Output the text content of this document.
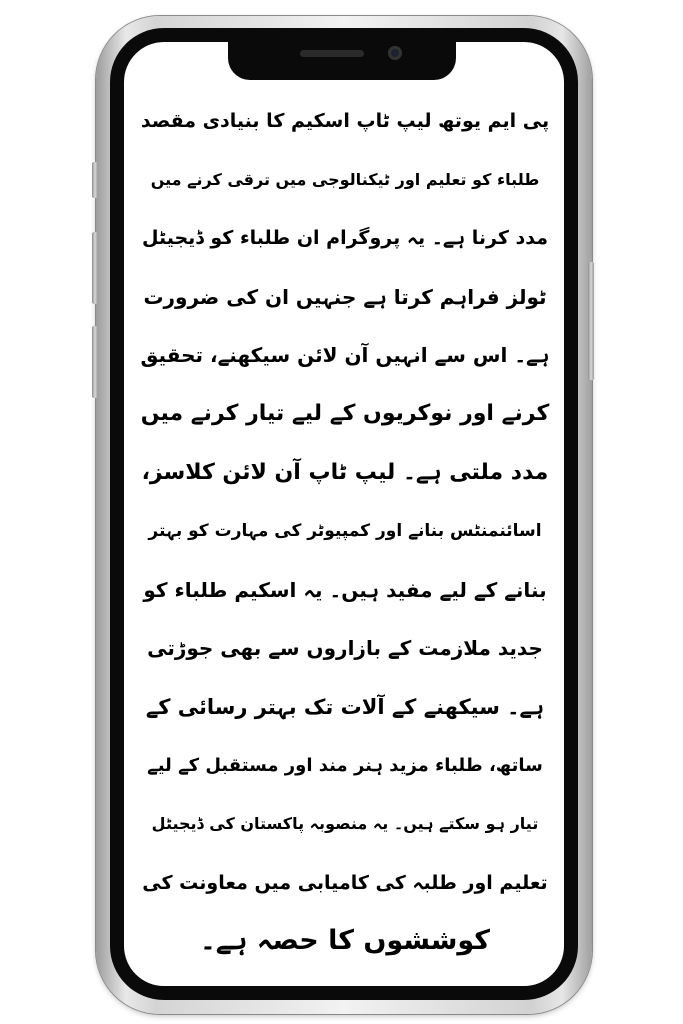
پی ایم یوتھ لیپ ٹاپ اسکیم کا بنیادی مقصد
طلباء کو تعلیم اور ٹیکنالوجی میں ترقی کرنے میں
مدد کرنا ہے۔ یہ پروگرام ان طلباء کو ڈیجیٹل
ٹولز فراہم کرتا ہے جنہیں ان کی ضرورت
ہے۔ اس سے انہیں آن لائن سیکھنے، تحقیق
کرنے اور نوکریوں کے لیے تیار کرنے میں
مدد ملتی ہے۔ لیپ ٹاپ آن لائن کلاسز،
اسائنمنٹس بنانے اور کمپیوٹر کی مہارت کو بہتر
بنانے کے لیے مفید ہیں۔ یہ اسکیم طلباء کو
جدید ملازمت کے بازاروں سے بھی جوڑتی
ہے۔ سیکھنے کے آلات تک بہتر رسائی کے
ساتھ، طلباء مزید ہنر مند اور مستقبل کے لیے
تیار ہو سکتے ہیں۔ یہ منصوبہ پاکستان کی ڈیجیٹل
تعلیم اور طلبہ کی کامیابی میں معاونت کی
کوششوں کا حصہ ہے۔
